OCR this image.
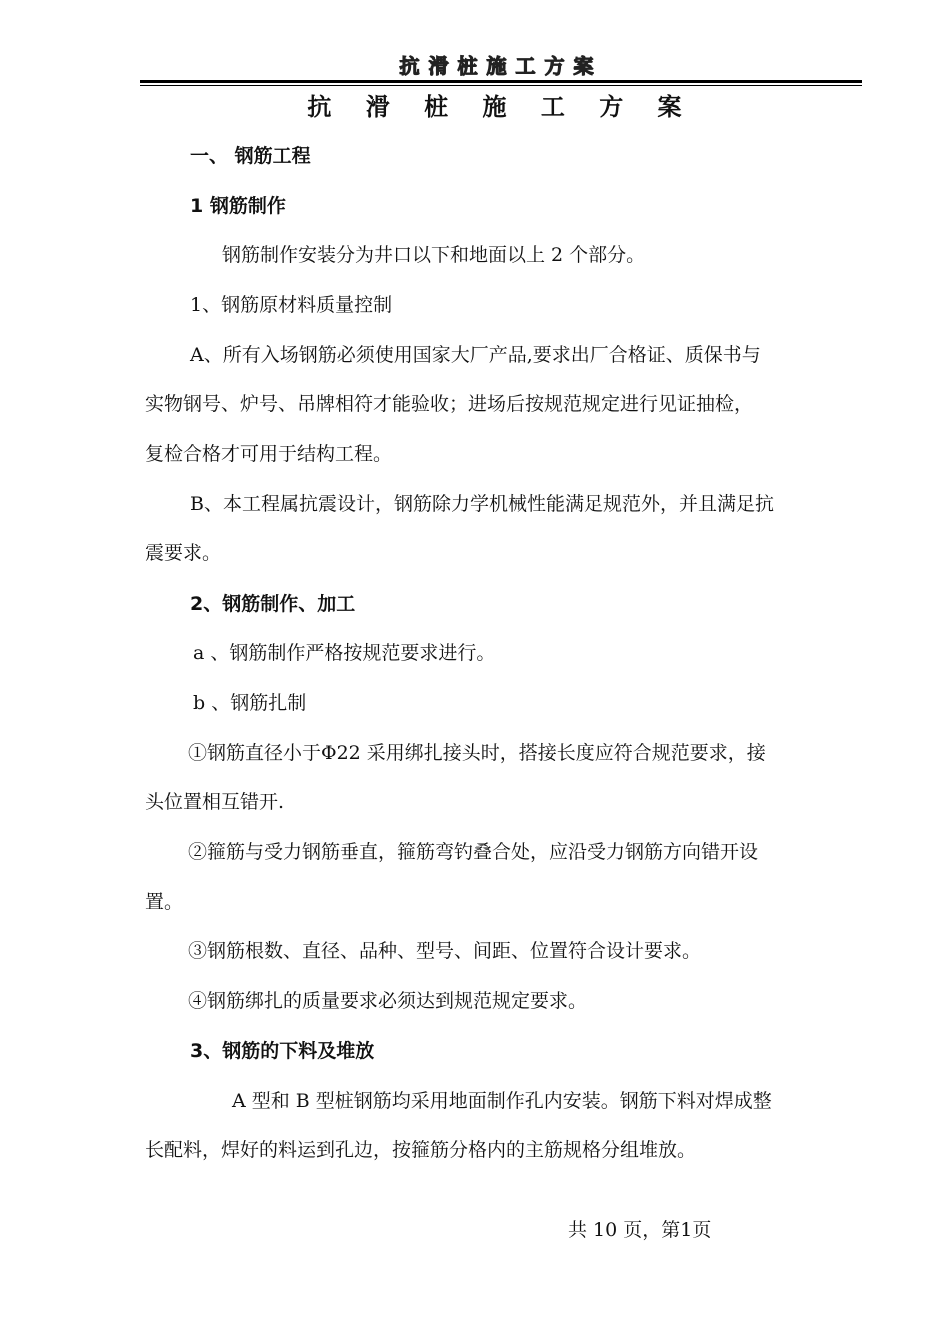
抗滑桩施工方案
抗 滑 桩 施 工 方 案
一、 钢筋工程
1 钢筋制作
钢筋制作安装分为井口以下和地面以上 2 个部分。
1、钢筋原材料质量控制
A、所有入场钢筋必须使用国家大厂产品,要求出厂合格证、质保书与
实物钢号、炉号、吊牌相符才能验收；进场后按规范规定进行见证抽检，
复检合格才可用于结构工程。
B、本工程属抗震设计，钢筋除力学机械性能满足规范外，并且满足抗
震要求。
2、钢筋制作、加工
a 、钢筋制作严格按规范要求进行。
b 、钢筋扎制
①钢筋直径小于Φ22 采用绑扎接头时，搭接长度应符合规范要求，接
头位置相互错开.
②箍筋与受力钢筋垂直，箍筋弯钓叠合处，应沿受力钢筋方向错开设
置。
③钢筋根数、直径、品种、型号、间距、位置符合设计要求。
④钢筋绑扎的质量要求必须达到规范规定要求。
3、钢筋的下料及堆放
A 型和 B 型桩钢筋均采用地面制作孔内安装。钢筋下料对焊成整
长配料，焊好的料运到孔边，按箍筋分格内的主筋规格分组堆放。
共 10 页，第1页
